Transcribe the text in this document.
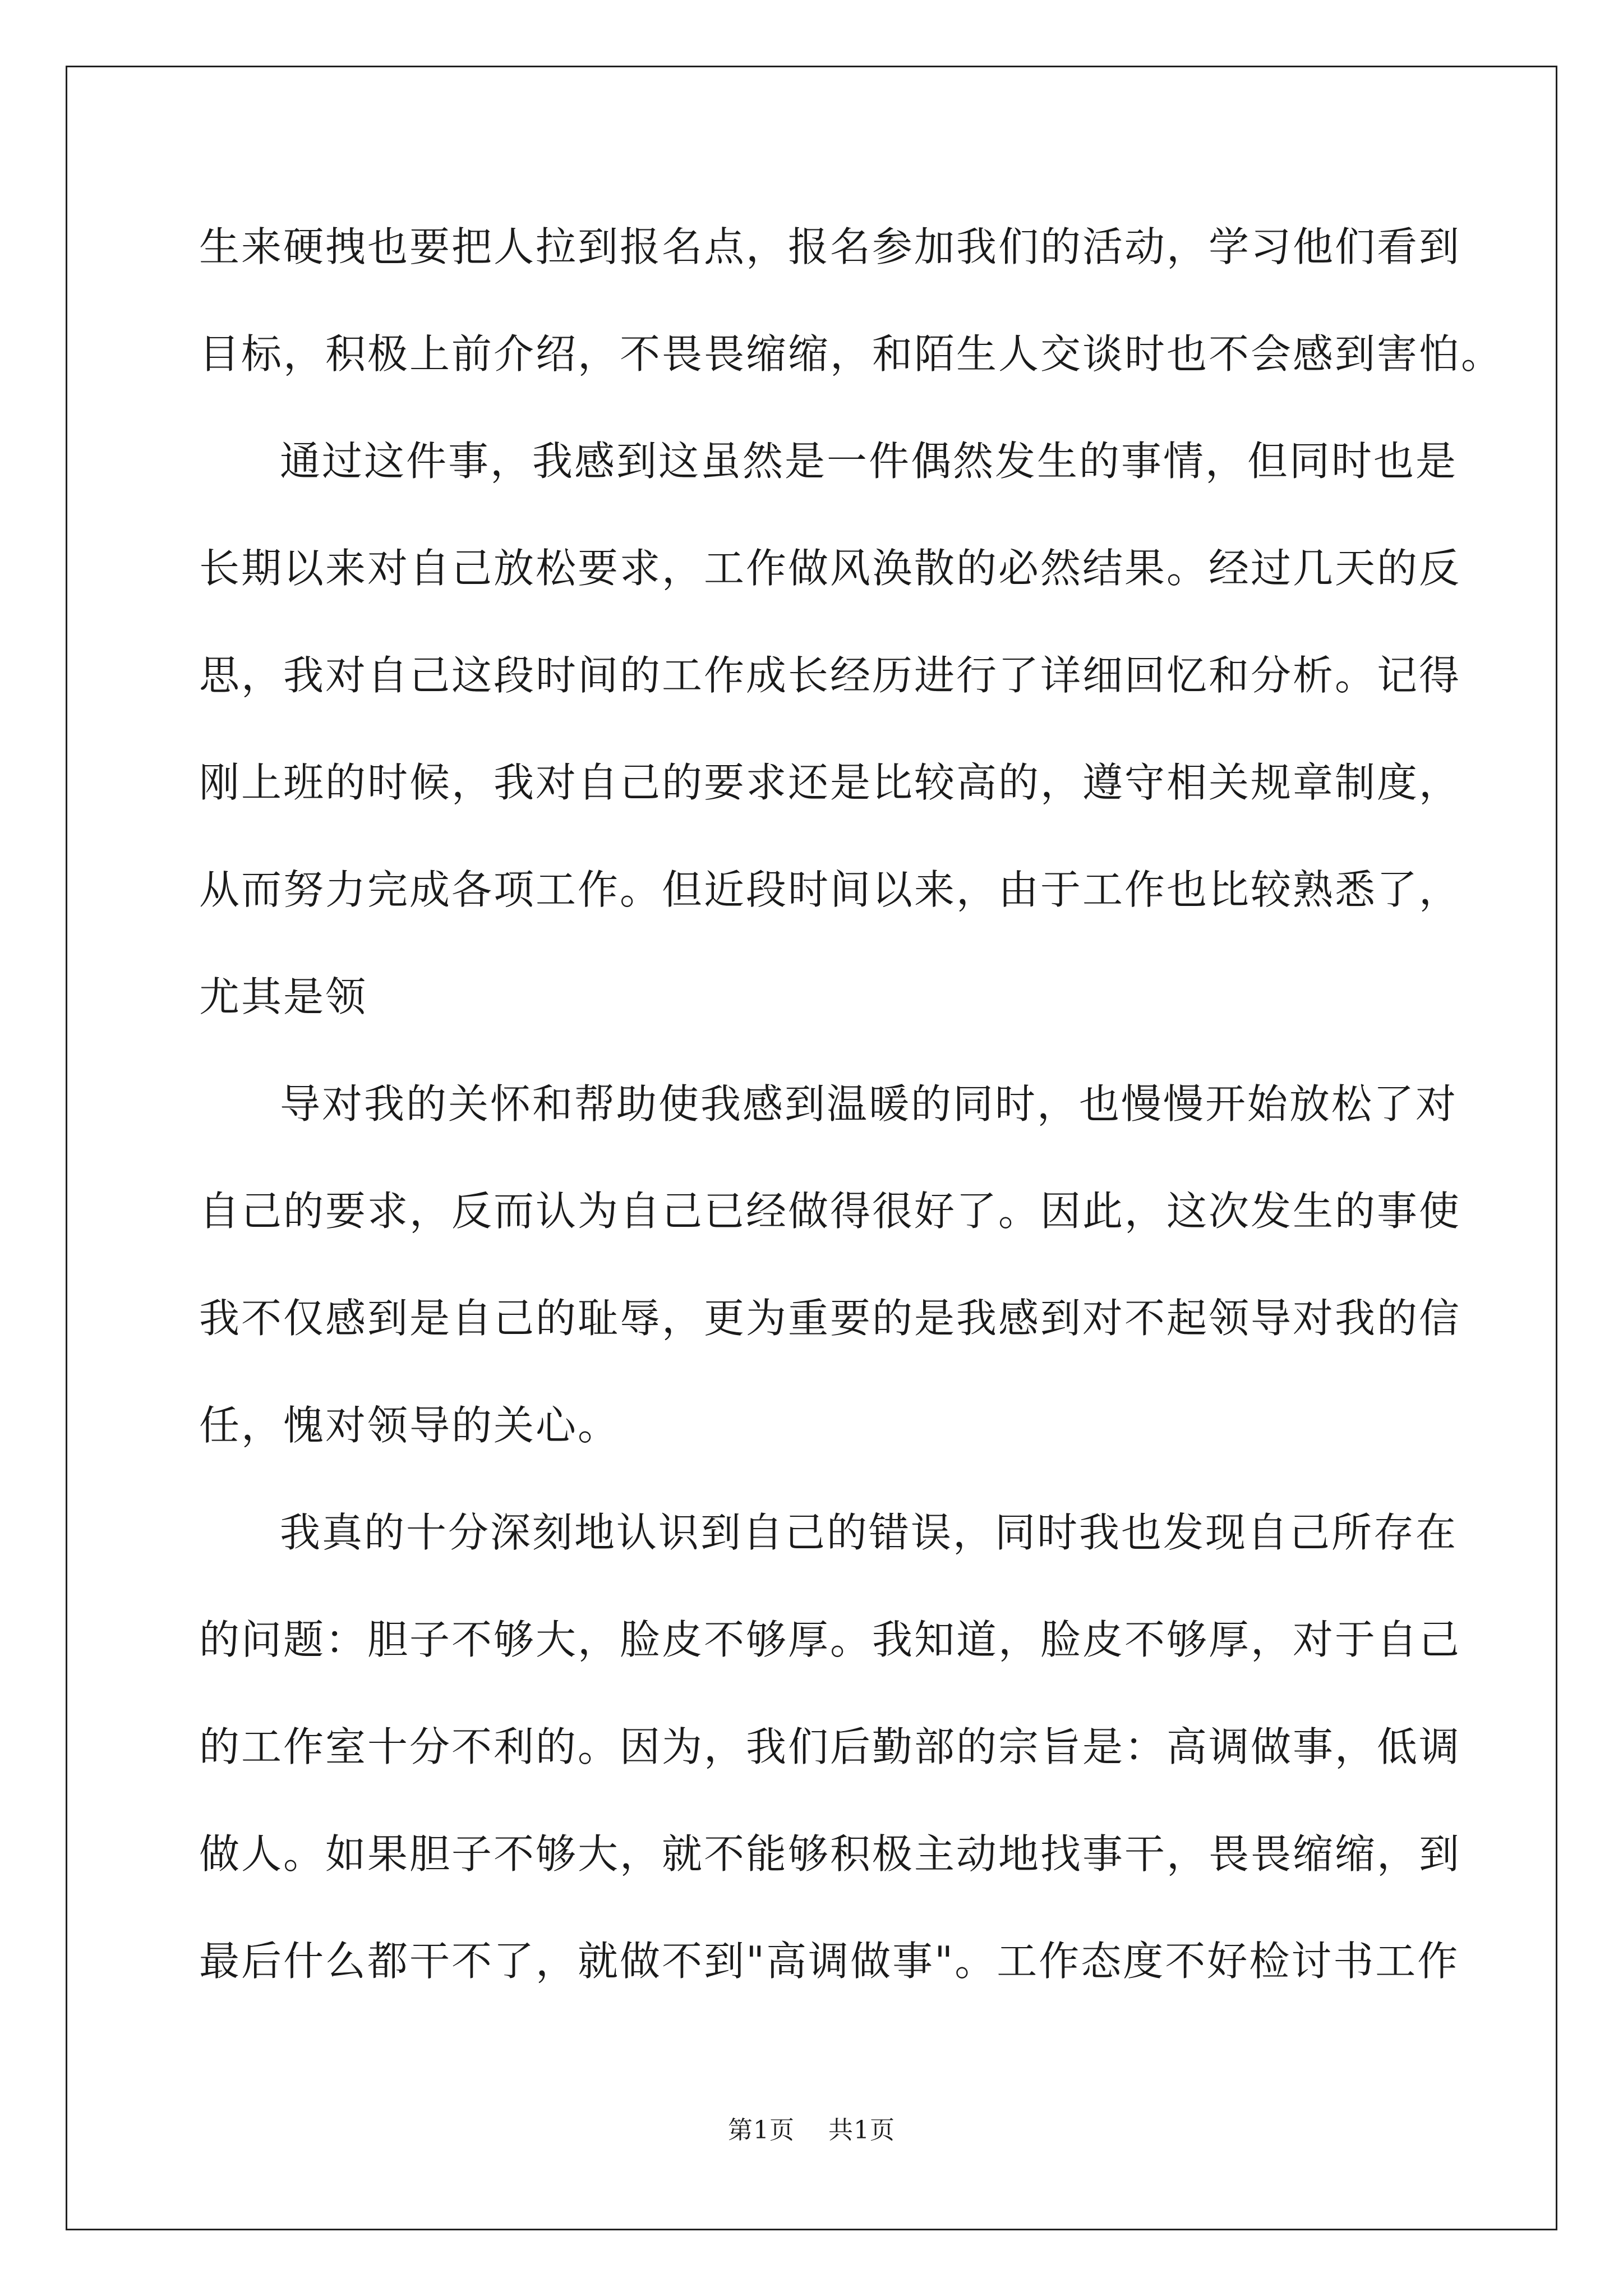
生来硬拽也要把人拉到报名点，报名参加我们的活动，学习他们看到
目标，积极上前介绍，不畏畏缩缩，和陌生人交谈时也不会感到害怕。
通过这件事，我感到这虽然是一件偶然发生的事情，但同时也是
长期以来对自己放松要求，工作做风涣散的必然结果。经过几天的反
思，我对自己这段时间的工作成长经历进行了详细回忆和分析。记得
刚上班的时候，我对自己的要求还是比较高的，遵守相关规章制度，
从而努力完成各项工作。但近段时间以来，由于工作也比较熟悉了，
尤其是领
导对我的关怀和帮助使我感到温暖的同时，也慢慢开始放松了对
自己的要求，反而认为自己已经做得很好了。因此，这次发生的事使
我不仅感到是自己的耻辱，更为重要的是我感到对不起领导对我的信
任，愧对领导的关心。
我真的十分深刻地认识到自己的错误，同时我也发现自己所存在
的问题：胆子不够大，脸皮不够厚。我知道，脸皮不够厚，对于自己
的工作室十分不利的。因为，我们后勤部的宗旨是：高调做事，低调
做人。如果胆子不够大，就不能够积极主动地找事干，畏畏缩缩，到
最后什么都干不了，就做不到"高调做事"。工作态度不好检讨书工作
第1页 共1页
